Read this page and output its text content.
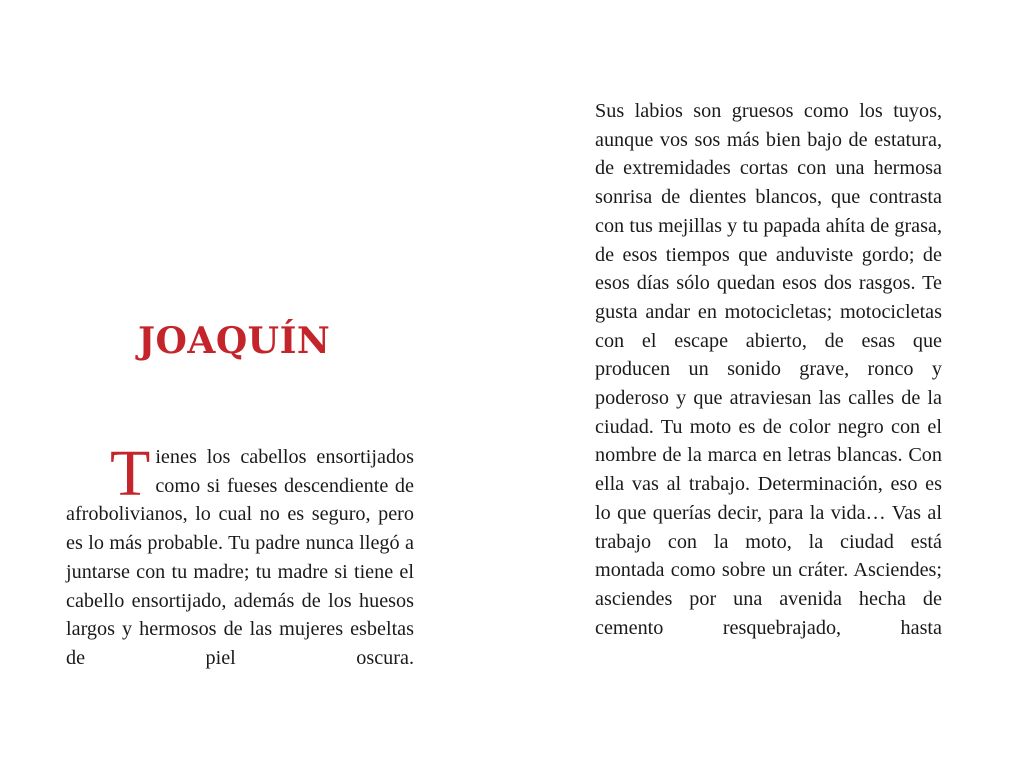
JOAQUÍN

Tienes los cabellos ensortijados como si fueses descendiente de afrobolivianos, lo cual no es seguro, pero es lo más probable. Tu padre nunca llegó a juntarse con tu madre; tu madre si tiene el cabello ensortijado, además de los huesos largos y hermosos de las mujeres esbeltas de piel oscura.

Sus labios son gruesos como los tuyos, aunque vos sos más bien bajo de estatura, de extremidades cortas con una hermosa sonrisa de dientes blancos, que contrasta con tus mejillas y tu papada ahíta de grasa, de esos tiempos que anduviste gordo; de esos días sólo quedan esos dos rasgos. Te gusta andar en motocicletas; motocicletas con el escape abierto, de esas que producen un sonido grave, ronco y poderoso y que atraviesan las calles de la ciudad. Tu moto es de color negro con el nombre de la marca en letras blancas. Con ella vas al trabajo. Determinación, eso es lo que querías decir, para la vida… Vas al trabajo con la moto, la ciudad está montada como sobre un cráter. Asciendes; asciendes por una avenida hecha de cemento resquebrajado, hasta
